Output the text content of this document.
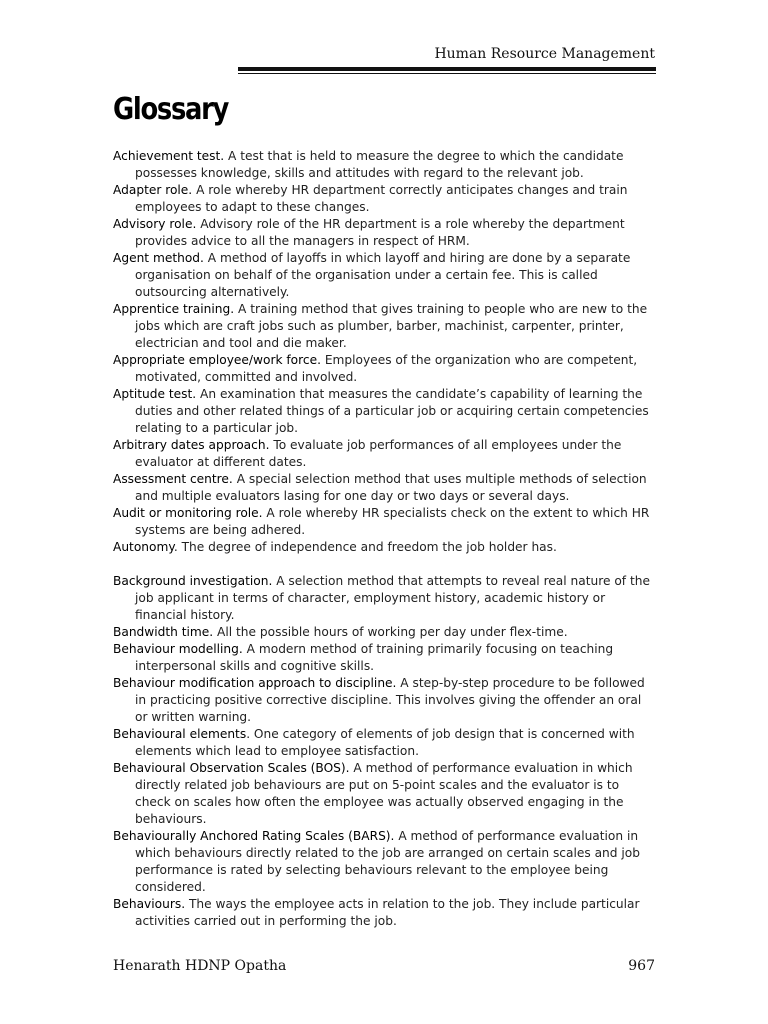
Human Resource Management
Glossary

Achievement test. A test that is held to measure the degree to which the candidate possesses knowledge, skills and attitudes with regard to the relevant job.

Adapter role. A role whereby HR department correctly anticipates changes and train employees to adapt to these changes.

Advisory role. Advisory role of the HR department is a role whereby the department provides advice to all the managers in respect of HRM.

Agent method. A method of layoffs in which layoff and hiring are done by a separate organisation on behalf of the organisation under a certain fee. This is called outsourcing alternatively.

Apprentice training. A training method that gives training to people who are new to the jobs which are craft jobs such as plumber, barber, machinist, carpenter, printer, electrician and tool and die maker.

Appropriate employee/work force. Employees of the organization who are competent, motivated, committed and involved.

Aptitude test. An examination that measures the candidate’s capability of learning the duties and other related things of a particular job or acquiring certain competencies relating to a particular job.

Arbitrary dates approach. To evaluate job performances of all employees under the evaluator at different dates.

Assessment centre. A special selection method that uses multiple methods of selection and multiple evaluators lasing for one day or two days or several days.

Audit or monitoring role. A role whereby HR specialists check on the extent to which HR systems are being adhered.

Autonomy. The degree of independence and freedom the job holder has.

Background investigation. A selection method that attempts to reveal real nature of the job applicant in terms of character, employment history, academic history or financial history.

Bandwidth time. All the possible hours of working per day under flex-time.

Behaviour modelling. A modern method of training primarily focusing on teaching interpersonal skills and cognitive skills.

Behaviour modification approach to discipline. A step-by-step procedure to be followed in practicing positive corrective discipline. This involves giving the offender an oral or written warning.

Behavioural elements. One category of elements of job design that is concerned with elements which lead to employee satisfaction.

Behavioural Observation Scales (BOS). A method of performance evaluation in which directly related job behaviours are put on 5-point scales and the evaluator is to check on scales how often the employee was actually observed engaging in the behaviours.

Behaviourally Anchored Rating Scales (BARS). A method of performance evaluation in which behaviours directly related to the job are arranged on certain scales and job performance is rated by selecting behaviours relevant to the employee being considered.

Behaviours. The ways the employee acts in relation to the job. They include particular activities carried out in performing the job.

Henarath HDNP Opatha	967
